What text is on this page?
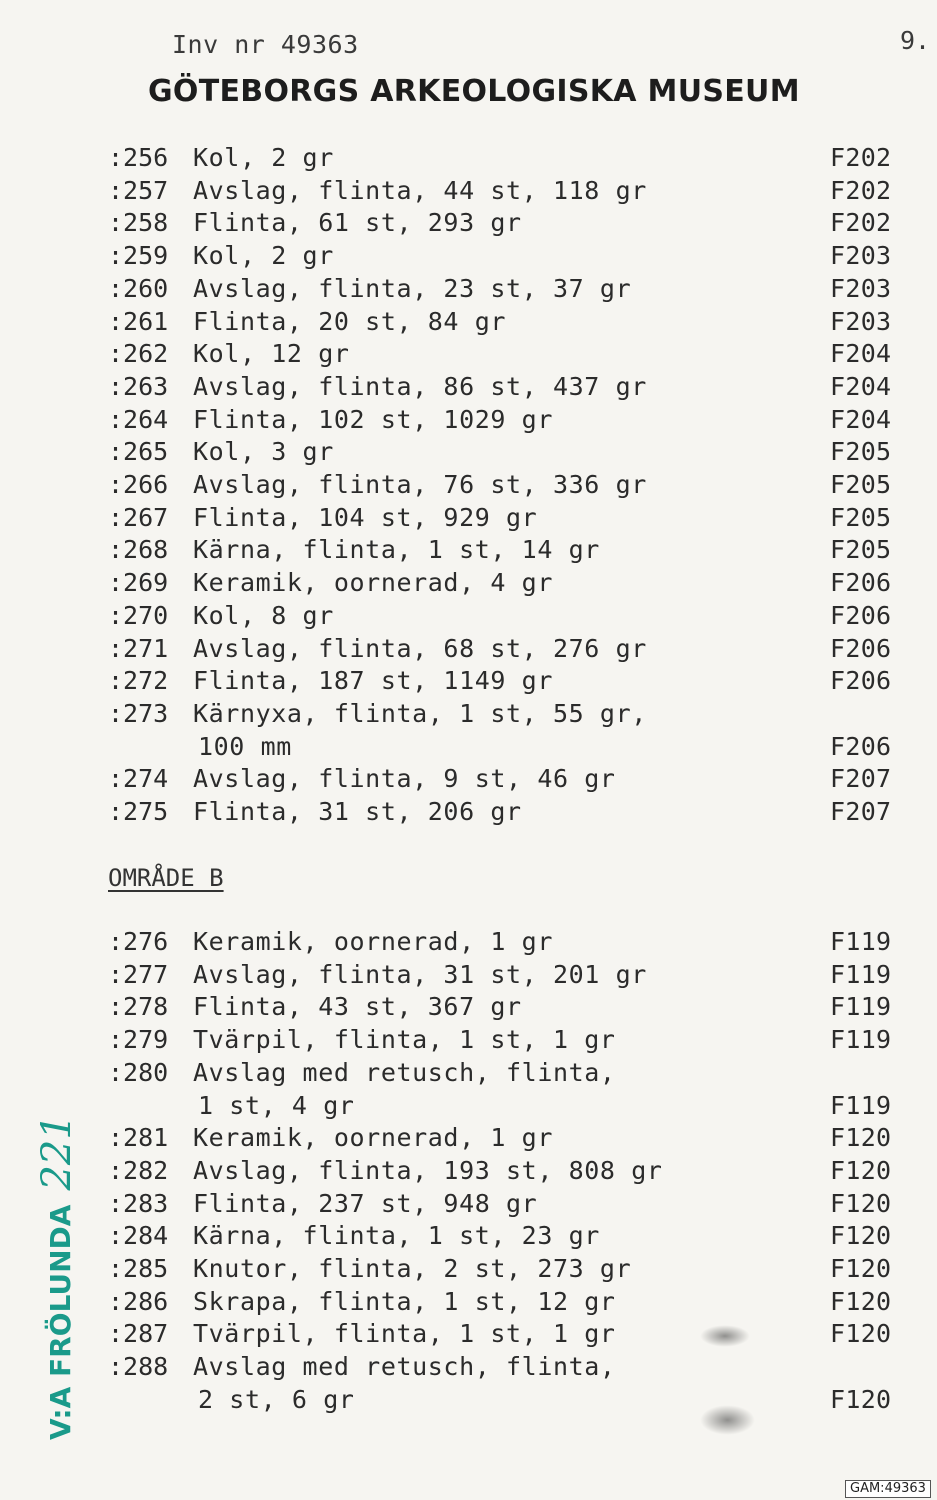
Inv nr 49363	9.
GÖTEBORGS ARKEOLOGISKA MUSEUM
:256 Kol, 2 gr	F202
:257 Avslag, flinta, 44 st, 118 gr	F202
:258 Flinta, 61 st, 293 gr	F202
:259 Kol, 2 gr	F203
:260 Avslag, flinta, 23 st, 37 gr	F203
:261 Flinta, 20 st, 84 gr	F203
:262 Kol, 12 gr	F204
:263 Avslag, flinta, 86 st, 437 gr	F204
:264 Flinta, 102 st, 1029 gr	F204
:265 Kol, 3 gr	F205
:266 Avslag, flinta, 76 st, 336 gr	F205
:267 Flinta, 104 st, 929 gr	F205
:268 Kärna, flinta, 1 st, 14 gr	F205
:269 Keramik, oornerad, 4 gr	F206
:270 Kol, 8 gr	F206
:271 Avslag, flinta, 68 st, 276 gr	F206
:272 Flinta, 187 st, 1149 gr	F206
:273 Kärnyxa, flinta, 1 st, 55 gr,
100 mm	F206
:274 Avslag, flinta, 9 st, 46 gr	F207
:275 Flinta, 31 st, 206 gr	F207
OMRÅDE B
:276 Keramik, oornerad, 1 gr	F119
:277 Avslag, flinta, 31 st, 201 gr	F119
:278 Flinta, 43 st, 367 gr	F119
:279 Tvärpil, flinta, 1 st, 1 gr	F119
:280 Avslag med retusch, flinta,
1 st, 4 gr	F119
:281 Keramik, oornerad, 1 gr	F120
:282 Avslag, flinta, 193 st, 808 gr	F120
:283 Flinta, 237 st, 948 gr	F120
:284 Kärna, flinta, 1 st, 23 gr	F120
:285 Knutor, flinta, 2 st, 273 gr	F120
:286 Skrapa, flinta, 1 st, 12 gr	F120
:287 Tvärpil, flinta, 1 st, 1 gr	F120
:288 Avslag med retusch, flinta,
2 st, 6 gr	F120
V:A FRÖLUNDA
221
GAM:49363
